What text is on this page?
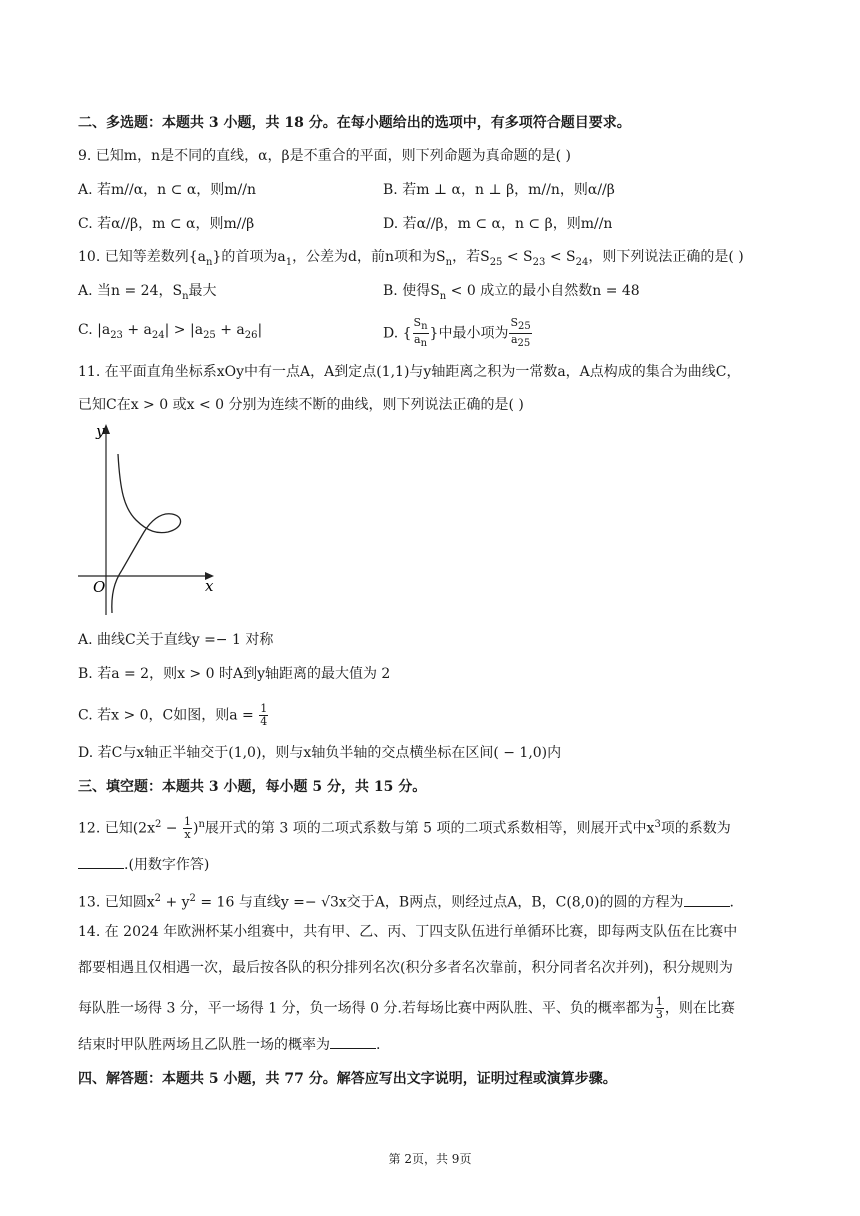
二、多选题：本题共 3 小题，共 18 分。在每小题给出的选项中，有多项符合题目要求。
9. 已知m，n是不同的直线，α，β是不重合的平面，则下列命题为真命题的是( )
A. 若m//α，n ⊂ α，则m//n	B. 若m ⊥ α，n ⊥ β，m//n，则α//β
C. 若α//β，m ⊂ α，则m//β	D. 若α//β，m ⊂ α，n ⊂ β，则m//n
10. 已知等差数列$\{a_n\}$的首项为$a_1$，公差为d，前n项和为$S_n$，若$S_{25} < S_{23} < S_{24}$，则下列说法正确的是( )
A. 当n = 24，$S_n$最大	B. 使得$S_n < 0$ 成立的最小自然数n = 48
C. $|a_{23} + a_{24}| > |a_{25} + a_{26}|$	D. { $\frac{S_n}{a_n}$ }中最小项为 $\frac{S_{25}}{a_{25}}$
11. 在平面直角坐标系xOy中有一点A，A到定点(1,1)与y轴距离之积为一常数a，A点构成的集合为曲线C，
已知C在x > 0 或x < 0 分别为连续不断的曲线，则下列说法正确的是( )
y
x
O
A. 曲线C关于直线y =− 1 对称
B. 若a = 2，则x > 0 时A到y轴距离的最大值为 2
C. 若x > 0，C如图，则$a = \frac{1}{4}$
D. 若C与x轴正半轴交于(1,0)，则与x轴负半轴的交点横坐标在区间( − 1,0)内
三、填空题：本题共 3 小题，每小题 5 分，共 15 分。
12. 已知$(2x^2 - \frac{1}{x} )^n$展开式的第 3 项的二项式系数与第 5 项的二项式系数相等，则展开式中$x^3$项的系数为
.(用数字作答)
13. 已知圆$x^2 + y^2 = 16$ 与直线y =− √3x交于A，B两点，则经过点A，B，C(8,0)的圆的方程为	.
14. 在 2024 年欧洲杯某小组赛中，共有甲、乙、丙、丁四支队伍进行单循环比赛，即每两支队伍在比赛中
都要相遇且仅相遇一次，最后按各队的积分排列名次(积分多者名次靠前，积分同者名次并列)，积分规则为
每队胜一场得 3 分，平一场得 1 分，负一场得 0 分.若每场比赛中两队胜、平、负的概率都为 $\frac{1}{3}$ ，则在比赛
结束时甲队胜两场且乙队胜一场的概率为	.
四、解答题：本题共 5 小题，共 77 分。解答应写出文字说明，证明过程或演算步骤。
第 2页，共 9页
